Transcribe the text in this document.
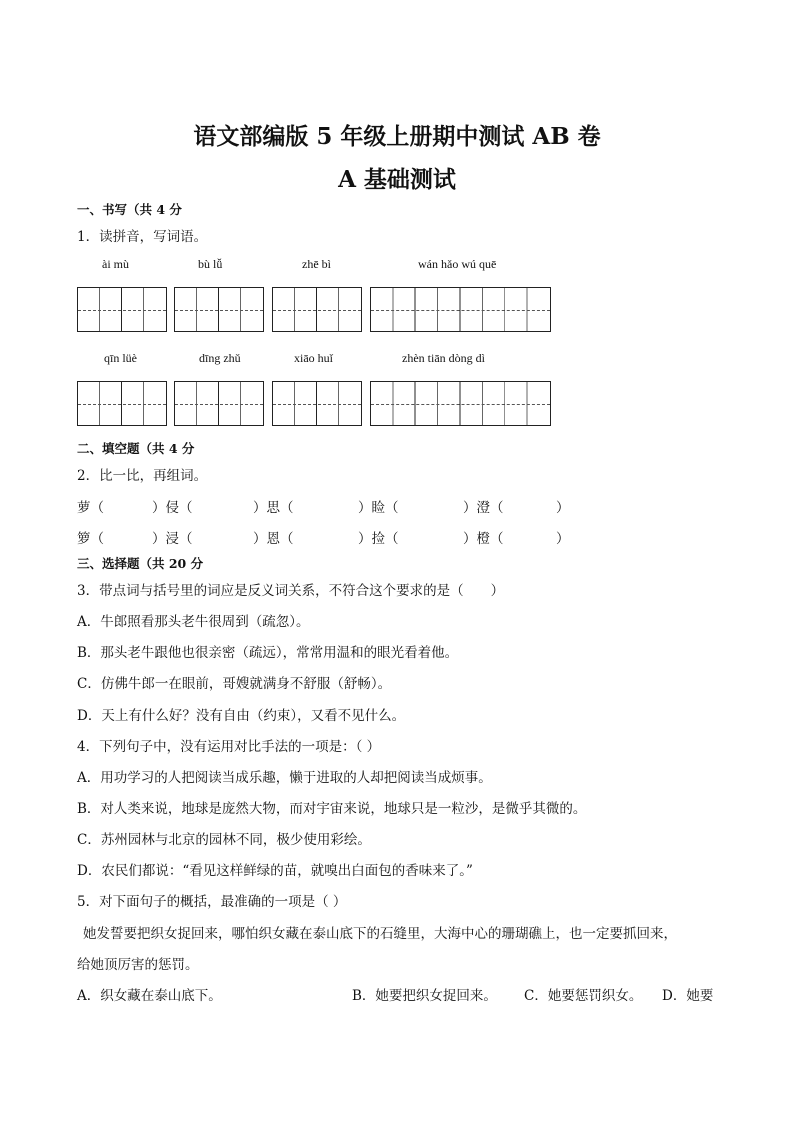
语文部编版 5 年级上册期中测试 AB 卷
A 基础测试
一、书写（共 4 分
1．读拼音，写词语。
ài mù	bù lǚ	zhē bì	wán hǎo wú quē
qīn lüè	dīng zhǔ	xiāo huǐ	zhèn tiān dòng dì
二、填空题（共 4 分
2．比一比，再组词。
萝（	）侵（	）思（	）睑（	）澄（	）
箩（	）浸（	）恩（	）捡（	）橙（	）
三、选择题（共 20 分
3．带点词与括号里的词应是反义词关系，不符合这个要求的是（　　）
A．牛郎照看那头老牛很周到（疏忽）。
B．那头老牛跟他也很亲密（疏远），常常用温和的眼光看着他。
C．仿佛牛郎一在眼前，哥嫂就满身不舒服（舒畅）。
D．天上有什么好？没有自由（约束），又看不见什么。
4．下列句子中，没有运用对比手法的一项是：（ ）
A．用功学习的人把阅读当成乐趣，懒于进取的人却把阅读当成烦事。
B．对人类来说，地球是庞然大物，而对宇宙来说，地球只是一粒沙，是微乎其微的。
C．苏州园林与北京的园林不同，极少使用彩绘。
D．农民们都说：“看见这样鲜绿的苗，就嗅出白面包的香味来了。”
5．对下面句子的概括，最准确的一项是（ ）
她发誓要把织女捉回来，哪怕织女藏在泰山底下的石缝里，大海中心的珊瑚礁上，也一定要抓回来，
给她顶厉害的惩罚。
A．织女藏在泰山底下。	B．她要把织女捉回来。 C．她要惩罚织女。 D．她要
